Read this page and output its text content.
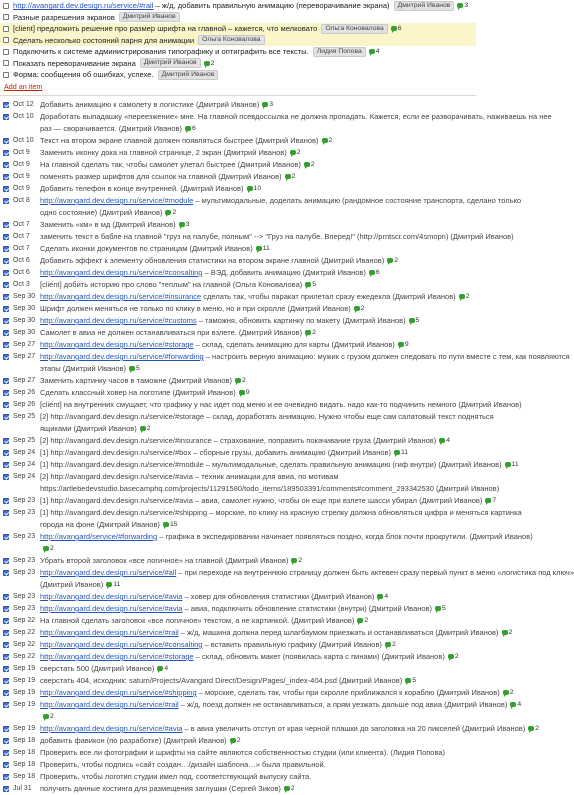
http://avangard.dev.design.ru/service/#rail – ж/д, добавить правильную анимацию (переворачивание экрана)	Дмитрий Иванов	3
Разные разрешения экранов	Дмитрий Иванов
[client] предложить решение про размер шрифта на главной – кажется, что мелковато	Ольга Коновалова	6
Сделать несколько состояний парня для анимации	Ольга Коновалова
Подключить к системе администрирования типографику и оптиграфить все тексты.	Лидия Попова	4
Показать переворачивание экрана	Дмитрий Иванов	2
Форма: сообщения об ошибках, успехе.	Дмитрий Иванов
Add an item
Oct 12 Добавить анимацию к самолету в логистике (Дмитрий Иванов)	3
Oct 10 Доработать выпадашку «переезжение» мне. На главной псевдоссылка не должна пропадать. Кажется, если ее разворачивать, наживаешь на нее
раз — сворачивается. (Дмитрий Иванов)	6
Oct 10 Текст на втором экране главной должен появляться быстрее (Дмитрий Иванов)	2
Oct 9	Заменить иконку дока на главной странице, 2 экран (Дмитрий Иванов)	2
Oct 9	На главной сделать так, чтобы самолет улетал быстрее (Дмитрий Иванов)	2
Oct 9	поменять размер шрифтов для ссылок на главной (Дмитрий Иванов)	2
Oct 9	Добавить телефон в конце внутренней. (Дмитрий Иванов)	10
Oct 8	http://avangard.dev.design.ru/service/#module – мультимодальные, доделать анимацию (рандомное состояние транспорта, сделано только
одно состояние) (Дмитрий Иванов)	2
Oct 7	Заменить «км» в мд (Дмитрий Иванов)	3
Oct 7	заменить текст в бабле на главной "груз на палубе, полным" --> "Груз на палубе. Вперед!" (http://prntscr.com/4smopn) (Дмитрий Иванов)
Oct 7	Сделать иконки документов по страницам (Дмитрий Иванов)	11
Oct 6	Добавить эффект к элементу обновления статистики на втором экране главной (Дмитрий Иванов)	2
Oct 6	http://avangard.dev.design.ru/service/#consalting – ВЭД, добавить анимацию (Дмитрий Иванов)	6
Oct 3	[client] добить историю про слово "теплым" на главной (Ольга Коновалова)	5
Sep 30 http://avangard.dev.design.ru/service/#insurance сделать так, чтобы паракат прилетал сразу ежедекла (Дмитрий Иванов)	2
Sep 30 Шрифт должен меняться не только по клику в меню, но и при скролле (Дмитрий Иванов)	2
Sep 30 http://avangard.dev.design.ru/service/#customs – таможня, обновить картинку по макету (Дмитрий Иванов)	5
Sep 30 Самолет в авиа не должен останавливаться при взлете. (Дмитрий Иванов)	2
Sep 27 http://avangard.dev.design.ru/service/#storage – склад, сделать анимацию для карты (Дмитрий Иванов)	9
Sep 27 http://avangard.dev.design.ru/service/#forwarding – настроить верную анимацию: мужик с грузом должен следовать по пути вместе с тем, как появляются
этапы (Дмитрий Иванов)	5
Sep 27 Заменить картинку часов в таможне (Дмитрий Иванов)	2
Sep 26 Сделать классный ховер на логотипе (Дмитрий Иванов)	9
Sep 26 [client] на внутренних смущает, что графику у нас идет под меню и ее очевидно видать. надо как-то подчинить немного (Дмитрий Иванов)
Sep 25 [2] http://avangard.dev.design.ru/service/#storage – склад, доработать анимацию. Нужно чтобы еще сам салатовый текст подняться
ящиками (Дмитрий Иванов)	2
Sep 25 [2] http://avangard.dev.design.ru/service/#insurance – страхование, поправить покачивание груза (Дмитрий Иванов)	4
Sep 24 [1] http://avangard.dev.design.ru/service/#box – сборные грузы, добавить анимацию (Дмитрий Иванов)	11
Sep 24 [1] http://avangard.dev.design.ru/service/#module – мультимодальные, сделать правильную анимацию (гиф внутри) (Дмитрий Иванов)	11
Sep 24 [2] http://avangard.dev.design.ru/service/#avia – техник анимации для авиа, по мотивам
https://artlebedevstudio.basecamphq.com/projects/11291580/todo_items/189503391/comments#comment_293342530 (Дмитрий Иванов)
Sep 23 [1] http://avangard.dev.design.ru/service/#avia – авиа, самолет нужно, чтобы он еще при взлете шасси убирал (Дмитрий Иванов)	7
Sep 23 [1] http://avangard.dev.design.ru/service/#shipping – морские, по клику на красную стрелку должна обновляться цифра и меняться картинка
города на фоне (Дмитрий Иванов)	15
Sep 23 http://avangard/service/#forwarding – графика в экспедировании начинает появляться поздно, когда блок почти прокрутили. (Дмитрий Иванов)
2
Sep 23 Убрать второй заголовок «все логичное» на главной (Дмитрий Иванов)	2
Sep 23 http://avangard.dev.design.ru/service/#all – при переходе на внутреннюю страницу должен быть актевен сразу первый пункт в меню «логистика под ключ»
(Дмитрий Иванов)	11
Sep 23 http://avangard.dev.design.ru/service/#avia – ховер для обновления статистики (Дмитрий Иванов)	4
Sep 23 http://avangard.dev.design.ru/service/#avia – авиа, подключить обновление статистики (внутри) (Дмитрий Иванов)	5
Sep 22 На главной сделать заголовок «все логичное» текстом, а не картинкой. (Дмитрий Иванов)	2
Sep 22 http://avangard.dev.design.ru/service/#rail – ж/д, машина должна перед шлагбаумом приезжать и останавливаться (Дмитрий Иванов)	2
Sep 22 http://avangard.dev.design.ru/service/#consalting – вставить правильную графику (Дмитрий Иванов)	2
Sep 22 http://avangard.dev.design.ru/service/#storage – склад, обновить макет (появилась карта с пинами) (Дмитрий Иванов)	2
Sep 19 сверстать 500 (Дмитрий Иванов)	4
Sep 19 сверстать 404, исходник: saturn/Projects/Avangard Direct/Design/Pages/_index-404.psd (Дмитрий Иванов)	5
Sep 19 http://avangard.dev.design.ru/service/#shipping – морские, сделать так, чтобы при скролле приближался к кораблю (Дмитрий Иванов)	2
Sep 19 http://avangard.dev.design.ru/service/#rail – ж/д, поезд должен не останавливаться, а прям уезжать дальше под авиа (Дмитрий Иванов)	4
2
Sep 19 http://avangard.dev.design.ru/service/#avia – в авиа увеличить отступ от края черной плашки до заголовка на 20 пикселей (Дмитрий Иванов)	2
Sep 18 добавить фавикон (по разработке) (Дмитрий Иванов)	2
Sep 18 Проверить все ли фотографии и шрифты на сайте являются собственностью студии (или клиента). (Лидия Попова)
Sep 18 Проверить, чтобы подпись «сайт создан…/дизайн шаблона…» была правильной.
Sep 18 Проверить, чтобы логотип студии имел под, соответствующий выпуску сайта.
Jul 31	получить данные хостинга для размещения заглушки (Сергей Зиков)	2
